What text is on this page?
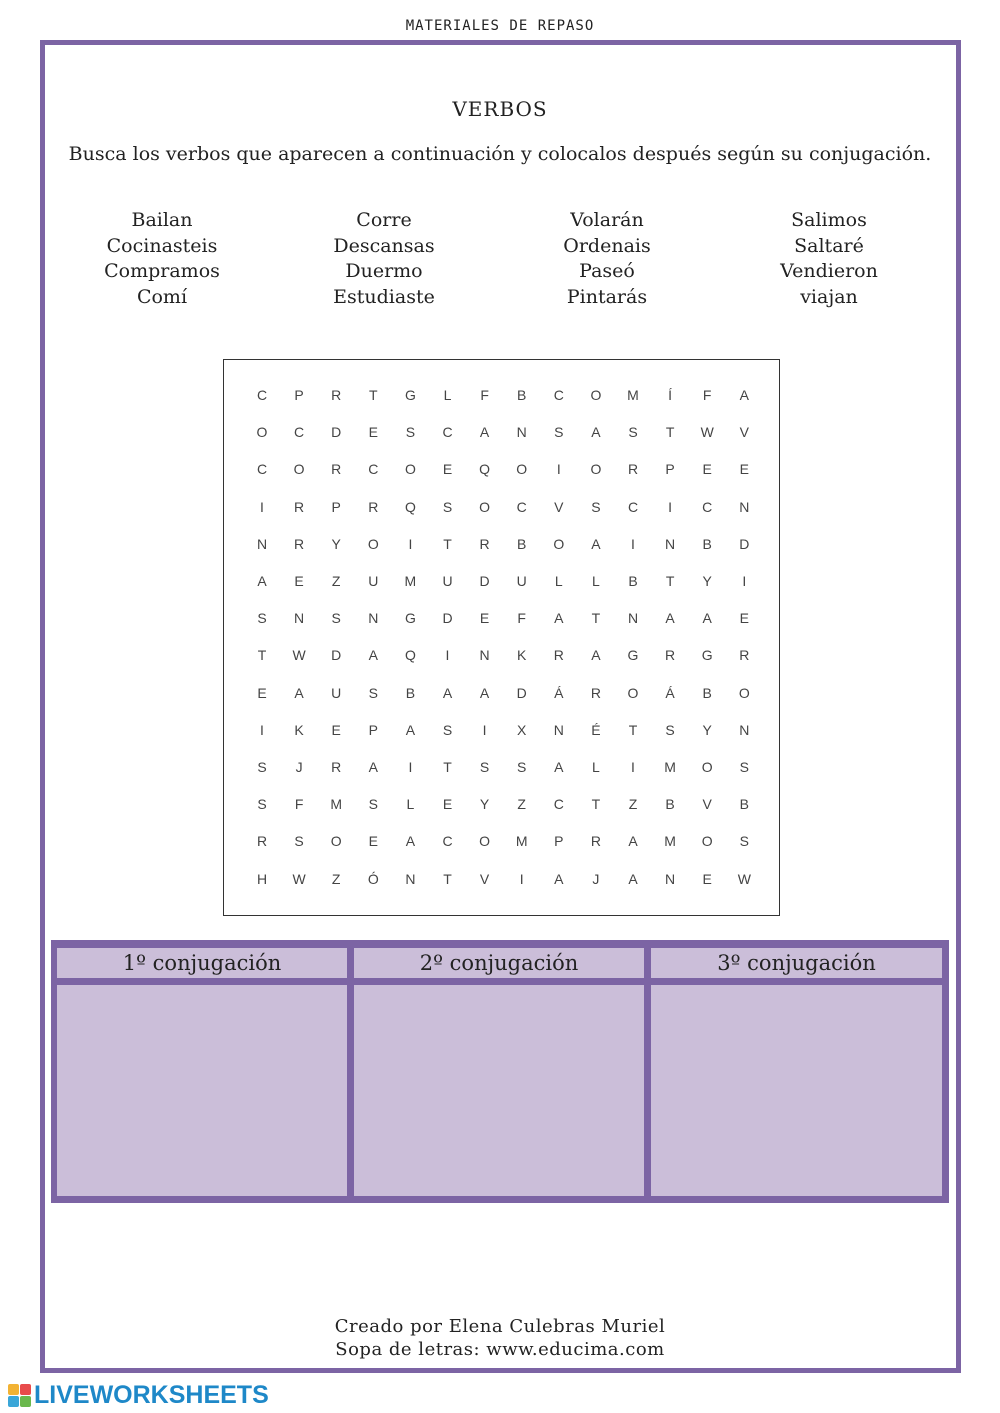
MATERIALES DE REPASO
VERBOS
Busca los verbos que aparecen a continuación y colocalos después según su conjugación.
Bailan
Cocinasteis
Compramos
Comí
Corre
Descansas
Duermo
Estudiaste
Volarán
Ordenais
Paseó
Pintarás
Salimos
Saltaré
Vendieron
viajan
C	P	R	T	G	L	F	B	C	O	M	Í	F	A
O	C	D	E	S	C	A	N	S	A	S	T	W	V
C	O	R	C	O	E	Q	O	I	O	R	P	E	E
I	R	P	R	Q	S	O	C	V	S	C	I	C	N
N	R	Y	O	I	T	R	B	O	A	I	N	B	D
A	E	Z	U	M	U	D	U	L	L	B	T	Y	I
S	N	S	N	G	D	E	F	A	T	N	A	A	E
T	W	D	A	Q	I	N	K	R	A	G	R	G	R
E	A	U	S	B	A	A	D	Á	R	O	Á	B	O
I	K	E	P	A	S	I	X	N	É	T	S	Y	N
S	J	R	A	I	T	S	S	A	L	I	M	O	S
S	F	M	S	L	E	Y	Z	C	T	Z	B	V	B
R	S	O	E	A	C	O	M	P	R	A	M	O	S
H	W	Z	Ó	N	T	V	I	A	J	A	N	E	W
1º conjugación	2º conjugación	3º conjugación
Creado por Elena Culebras Muriel
Sopa de letras: www.educima.com
LIVEWORKSHEETS
